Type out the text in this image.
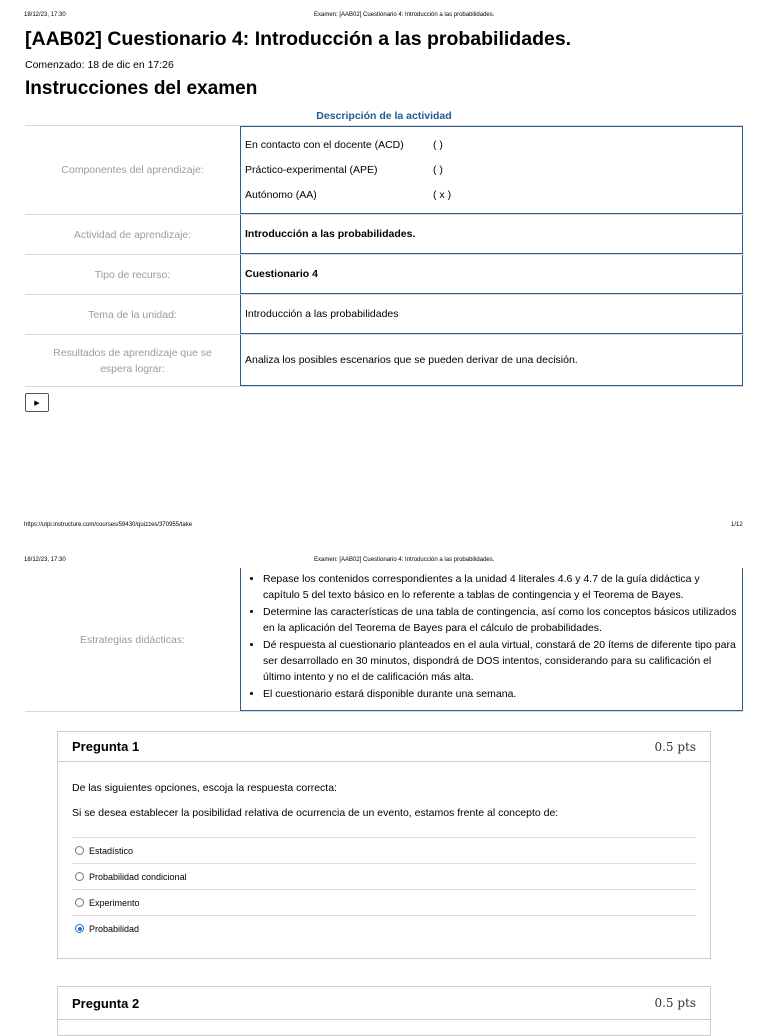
18/12/23, 17:30	Examen: [AAB02] Cuestionario 4: Introducción a las probabilidades.
[AAB02] Cuestionario 4: Introducción a las probabilidades.
Comenzado: 18 de dic en 17:26
Instrucciones del examen
Descripción de la actividad
Componentes del aprendizaje:
En contacto con el docente (ACD)	( )
Práctico-experimental (APE)	( )
Autónomo (AA)	( x )
Actividad de aprendizaje:	Introducción a las probabilidades.
Tipo de recurso:	Cuestionario 4
Tema de la unidad:	Introducción a las probabilidades
Resultados de aprendizaje que se espera lograr:
Analiza los posibles escenarios que se pueden derivar de una decisión.
▶
https://utpl.instructure.com/courses/59430/quizzes/370955/take	1/12
18/12/23, 17:30	Examen: [AAB02] Cuestionario 4: Introducción a las probabilidades.
Estrategias didácticas:
• Repase los contenidos correspondientes a la unidad 4 literales 4.6 y 4.7 de la guía didáctica y capítulo 5 del texto básico en lo referente a tablas de contingencia y el Teorema de Bayes.
• Determine las características de una tabla de contingencia, así como los conceptos básicos utilizados en la aplicación del Teorema de Bayes para el cálculo de probabilidades.
• Dé respuesta al cuestionario planteados en el aula virtual, constará de 20 ítems de diferente tipo para ser desarrollado en 30 minutos, dispondrá de DOS intentos, considerando para su calificación el último intento y no el de calificación más alta.
• El cuestionario estará disponible durante una semana.
Pregunta 1	0.5 pts
De las siguientes opciones, escoja la respuesta correcta:
Si se desea establecer la posibilidad relativa de ocurrencia de un evento, estamos frente al concepto de:
Estadístico
Probabilidad condicional
Experimento
Probabilidad
Pregunta 2	0.5 pts
